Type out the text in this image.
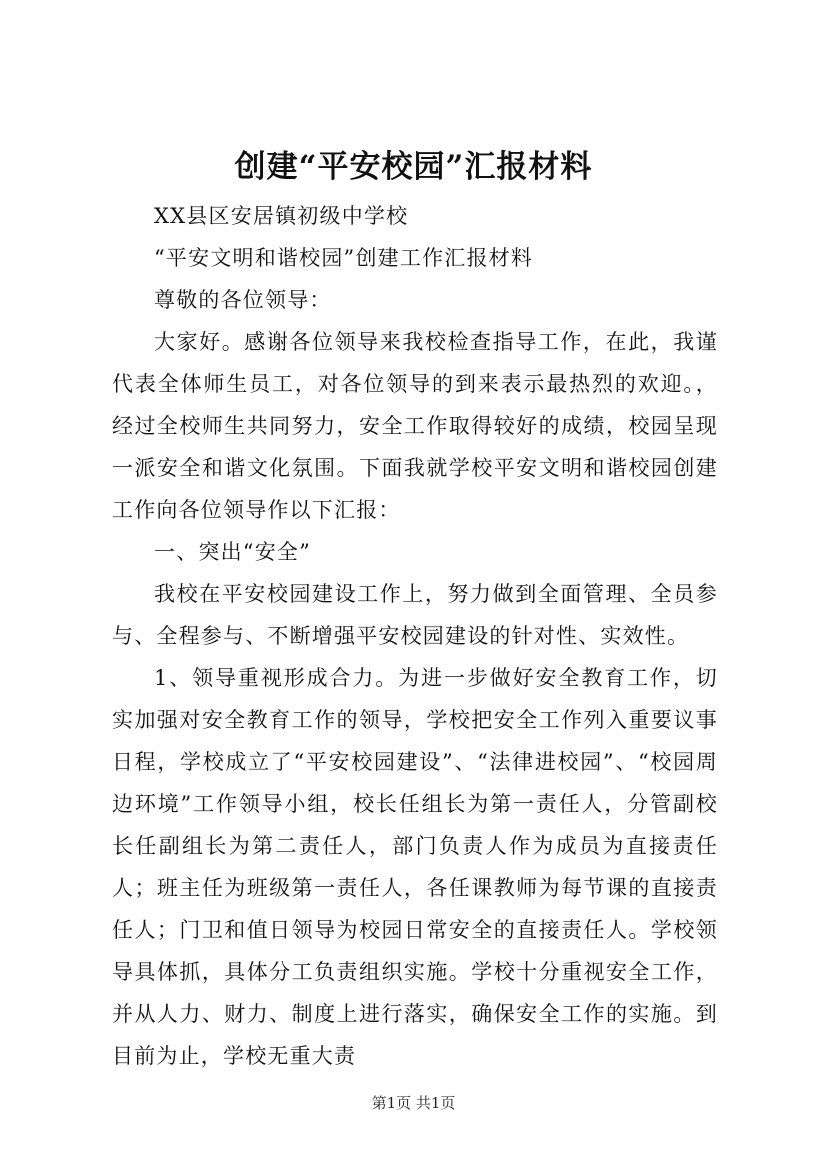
创建“平安校园”汇报材料

XX县区安居镇初级中学校

“平安文明和谐校园”创建工作汇报材料

尊敬的各位领导：

大家好。感谢各位领导来我校检查指导工作，在此，我谨代表全体师生员工，对各位领导的到来表示最热烈的欢迎。，经过全校师生共同努力，安全工作取得较好的成绩，校园呈现一派安全和谐文化氛围。下面我就学校平安文明和谐校园创建工作向各位领导作以下汇报：

一、突出“安全”

我校在平安校园建设工作上，努力做到全面管理、全员参与、全程参与、不断增强平安校园建设的针对性、实效性。

1、领导重视形成合力。为进一步做好安全教育工作，切实加强对安全教育工作的领导，学校把安全工作列入重要议事日程，学校成立了“平安校园建设”、“法律进校园”、“校园周边环境”工作领导小组，校长任组长为第一责任人，分管副校长任副组长为第二责任人，部门负责人作为成员为直接责任人；班主任为班级第一责任人，各任课教师为每节课的直接责任人；门卫和值日领导为校园日常安全的直接责任人。学校领导具体抓，具体分工负责组织实施。学校十分重视安全工作，并从人力、财力、制度上进行落实，确保安全工作的实施。到目前为止，学校无重大责

第1页 共1页
